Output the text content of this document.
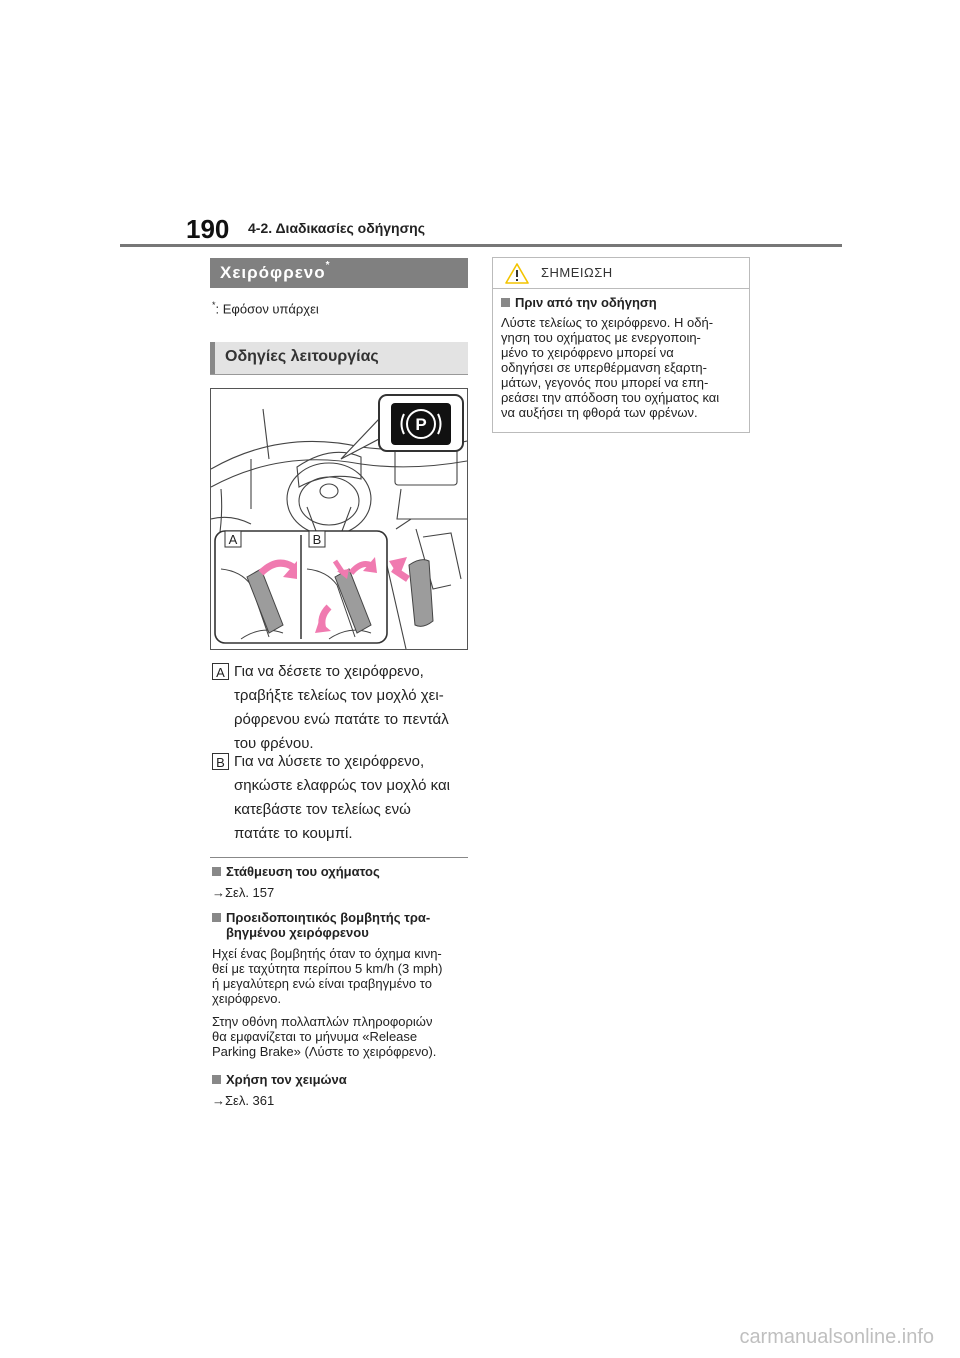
190 4-2. Διαδικασίες οδήγησης
Χειρόφρενο*
*: Εφόσον υπάρχει
Οδηγίες λειτουργίας
P
A	B
A Για να δέσετε το χειρόφρενο,
τραβήξτε τελείως τον μοχλό χει-
ρόφρενου ενώ πατάτε το πεντάλ
του φρένου.
B Για να λύσετε το χειρόφρενο,
σηκώστε ελαφρώς τον μοχλό και
κατεβάστε τον τελείως ενώ
πατάτε το κουμπί.
Στάθμευση του οχήματος
→Σελ. 157
Προειδοποιητικός βομβητής τρα-
βηγμένου χειρόφρενου
Ηχεί ένας βομβητής όταν το όχημα κινη-
θεί με ταχύτητα περίπου 5 km/h (3 mph)
ή μεγαλύτερη ενώ είναι τραβηγμένο το
χειρόφρενο.
Στην οθόνη πολλαπλών πληροφοριών
θα εμφανίζεται το μήνυμα «Release
Parking Brake» (Λύστε το χειρόφρενο).
Χρήση τον χειμώνα
→Σελ. 361
ΣΗΜΕΙΩΣΗ
Πριν από την οδήγηση
Λύστε τελείως το χειρόφρενο. Η οδή-
γηση του οχήματος με ενεργοποιη-
μένο το χειρόφρενο μπορεί να
οδηγήσει σε υπερθέρμανση εξαρτη-
μάτων, γεγονός που μπορεί να επη-
ρεάσει την απόδοση του οχήματος και
να αυξήσει τη φθορά των φρένων.
carmanualsonline.info
